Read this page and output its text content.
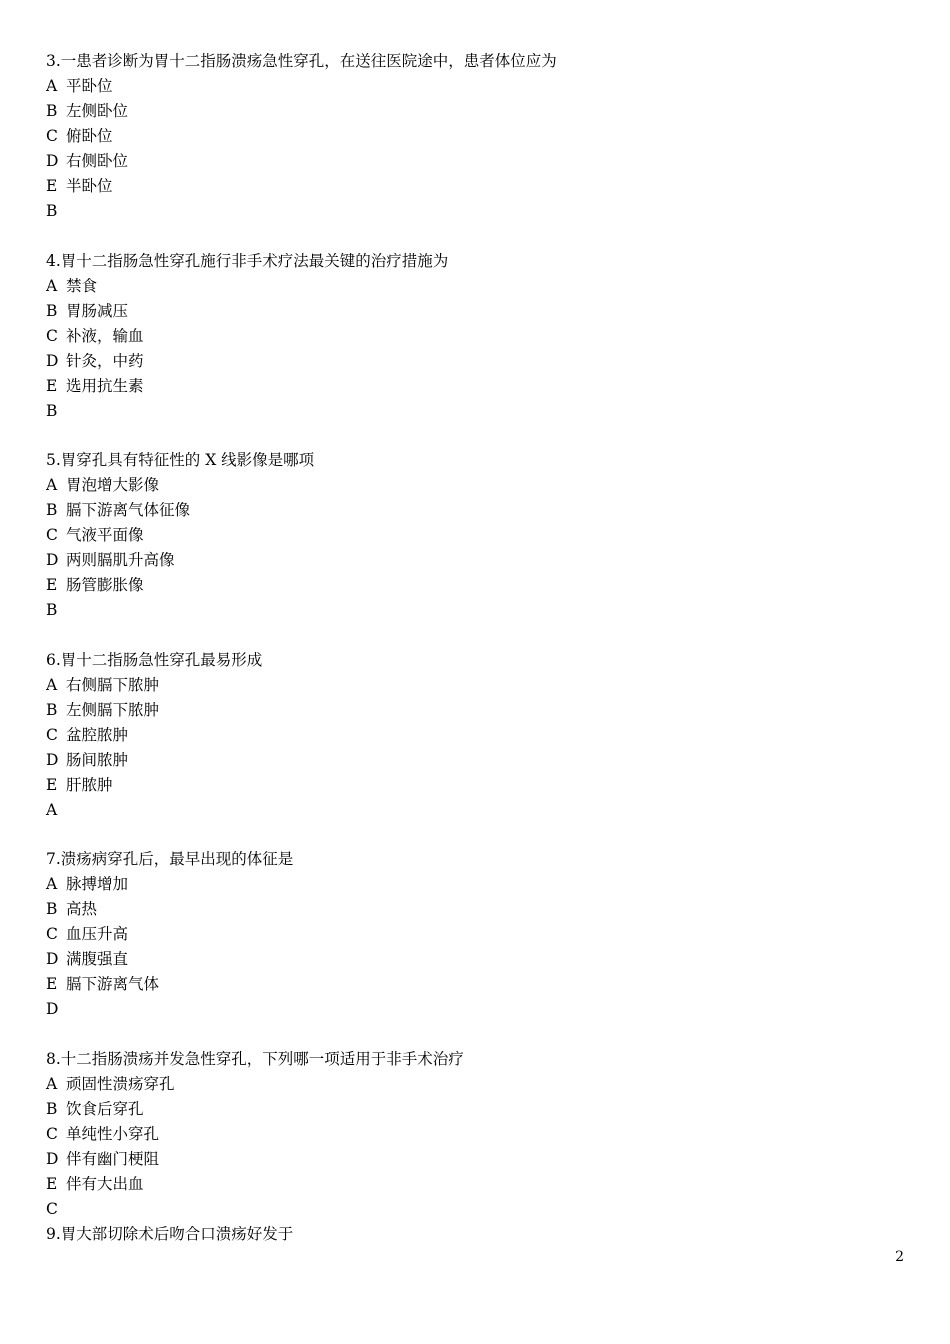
3.一患者诊断为胃十二指肠溃疡急性穿孔，在送往医院途中，患者体位应为
A 平卧位
B 左侧卧位
C 俯卧位
D 右侧卧位
E 半卧位
B
4.胃十二指肠急性穿孔施行非手术疗法最关键的治疗措施为
A 禁食
B 胃肠减压
C 补液，输血
D 针灸，中药
E 选用抗生素
B
5.胃穿孔具有特征性的 X 线影像是哪项
A 胃泡增大影像
B 膈下游离气体征像
C 气液平面像
D 两则膈肌升高像
E 肠管膨胀像
B
6.胃十二指肠急性穿孔最易形成
A 右侧膈下脓肿
B 左侧膈下脓肿
C 盆腔脓肿
D 肠间脓肿
E 肝脓肿
A
7.溃疡病穿孔后，最早出现的体征是
A 脉搏增加
B 高热
C 血压升高
D 满腹强直
E 膈下游离气体
D
8.十二指肠溃疡并发急性穿孔，下列哪一项适用于非手术治疗
A 顽固性溃疡穿孔
B 饮食后穿孔
C 单纯性小穿孔
D 伴有幽门梗阻
E 伴有大出血
C
9.胃大部切除术后吻合口溃疡好发于
2
